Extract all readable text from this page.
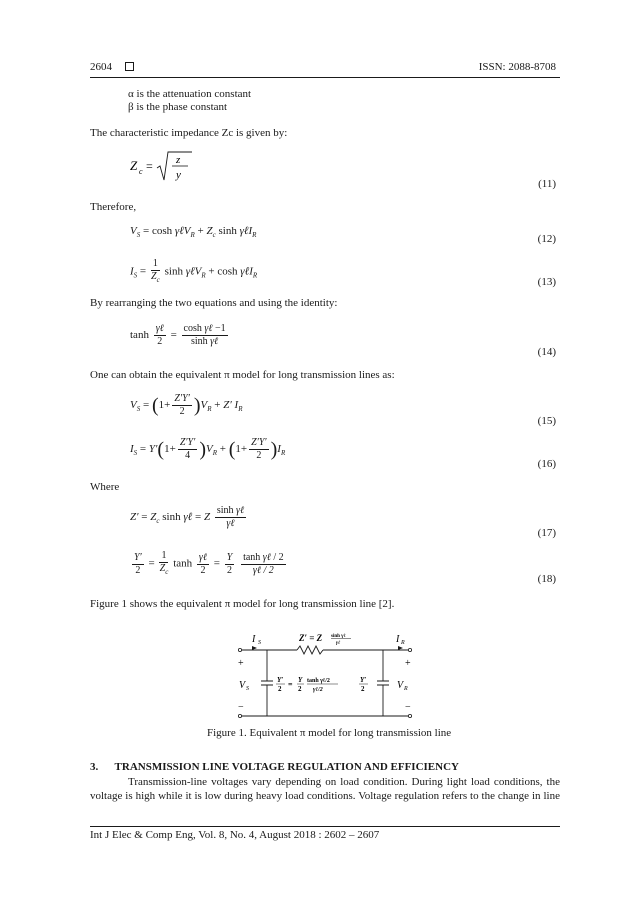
2604	ISSN: 2088-8708
α is the attenuation constant
β is the phase constant
The characteristic impedance Zc is given by:
Z c = z
y
(11)
Therefore,
$V_S = \cosh$ γℓV$_R$ + $Z_c$ sinh γℓI$_R$	(12)
$I_S = \frac{1}{Z_c}$ sinh γℓV$_R$ + cosh γℓI$_R$
(13)
By rearranging the two equations and using the identity:
$\tanh \frac{\text{γℓ}}{2} = \frac{\text{cosh γℓ −1}}{\text{sinh γℓ}}$
(14)
One can obtain the equivalent π model for long transmission lines as:
$V_S = (1+ \frac{Z'Y'}{2} )V_R + Z'$ $I_R$
(15)
$I_S = Y'(1+ \frac{Z'Y'}{4} )V_R + (1+ \frac{Z'Y'}{2} )I_R$
(16)
Where
$Z' = Z_c$ sinh γℓ = Z $\frac{\text{sinh γℓ}}{\text{γℓ}}$
(17)
$\frac{Y'}{2} = \frac{1}{Z_c}$ $\tanh \frac{\text{γℓ}}{2} = \frac{Y}{2}$
$\frac{\text{tanh γℓ / 2}}{\text{γℓ / 2}}$
(18)
Figure 1 shows the equivalent π model for long transmission line [2].
I S	I R
Z′ = Z sinh γℓ
γℓ
+	+
V S	V R
−	−
Y′
2 = Y
2
tanh γℓ/2
γℓ/2
Y′
2
Figure 1. Equivalent π model for long transmission line
3.      TRANSMISSION LINE VOLTAGE REGULATION AND EFFICIENCY
Transmission-line voltages vary depending on load condition. During light load conditions, the
voltage is high while it is low during heavy load conditions. Voltage regulation refers to the change in line
Int J Elec & Comp Eng, Vol. 8, No. 4, August 2018 : 2602 – 2607
